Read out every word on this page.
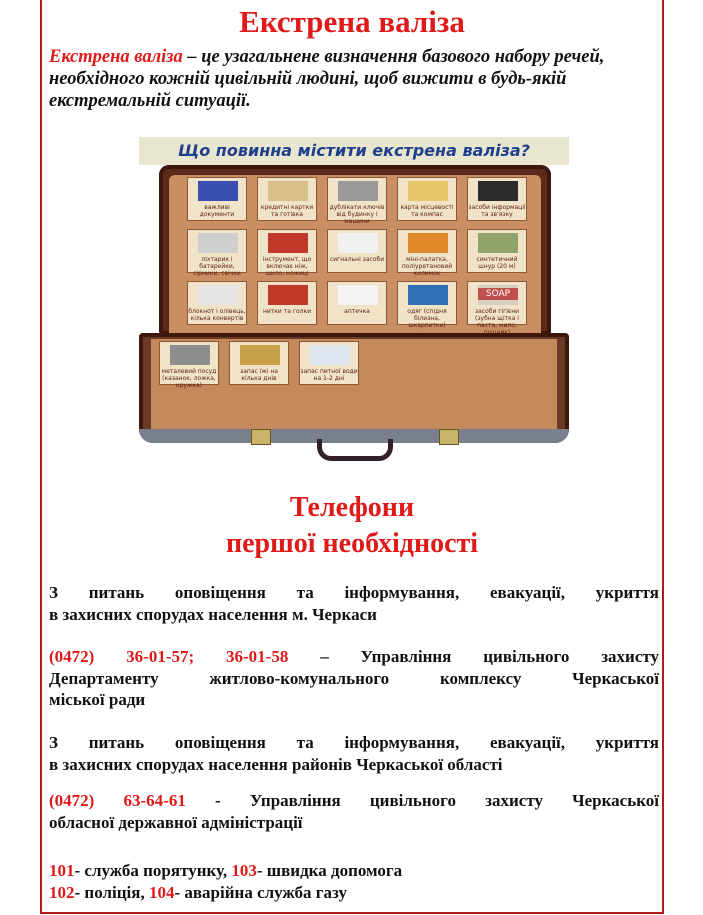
Екстрена валіза
Екстрена валіза – це узагальнене визначення базового набору речей,
необхідного кожній цивільній людині, щоб вижити в будь-якій
екстремальній ситуації.
Що повинна містити екстрена валіза?
важливі документи
кредитні картки та готівка
дублікати ключів від будинку і машини
карта місцевості та компас
засоби інформації та зв'язку
ліхтарик і батарейки, сірники, свічки
інструмент, що включає ніж, шило, ножиці
сигнальні засоби	міні-палатка, поліуретановий килимок
синтетичний шнур (20 м)
блокнот і олівець, кілька конвертів
нитки та голки	аптечка	одяг (спідня білизна, шкарпетки)
SOAP
засоби гігієни (зубна щітка і паста, мило, рушник)
металевий посуд (казанок, ложка, кружка)
запас їжі на кілька днів
запас питної води на 1-2 дні
Телефони
першої необхідності
З питань оповіщення та інформування, евакуації, укриття
в захисних спорудах населення м. Черкаси
(0472) 36-01-57; 36-01-58 – Управління цивільного захисту
Департаменту житлово-комунального комплексу Черкаської
міської ради
З питань оповіщення та інформування, евакуації, укриття
в захисних спорудах населення районів Черкаської області
(0472) 63-64-61 - Управління цивільного захисту Черкаської
обласної державної адміністрації
101- служба порятунку, 103- швидка допомога
102- поліція, 104- аварійна служба газу
